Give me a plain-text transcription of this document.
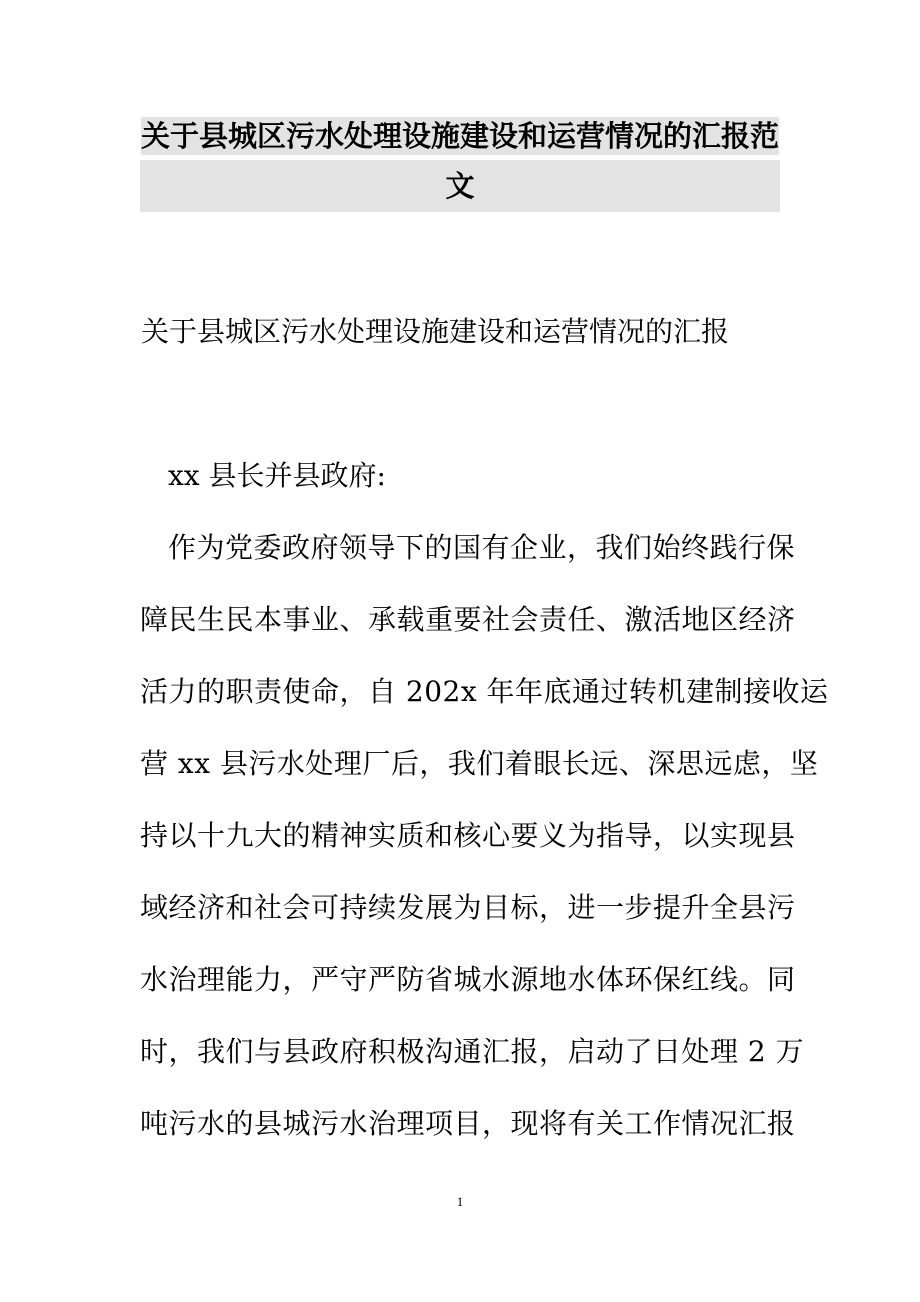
关于县城区污水处理设施建设和运营情况的汇报范
文
关于县城区污水处理设施建设和运营情况的汇报
xx 县长并县政府:
作为党委政府领导下的国有企业，我们始终践行保
障民生民本事业、承载重要社会责任、激活地区经济
活力的职责使命，自 202x 年年底通过转机建制接收运
营 xx 县污水处理厂后，我们着眼长远、深思远虑，坚
持以十九大的精神实质和核心要义为指导，以实现县
域经济和社会可持续发展为目标，进一步提升全县污
水治理能力，严守严防省城水源地水体环保红线。同
时，我们与县政府积极沟通汇报，启动了日处理 2 万
吨污水的县城污水治理项目，现将有关工作情况汇报
1
